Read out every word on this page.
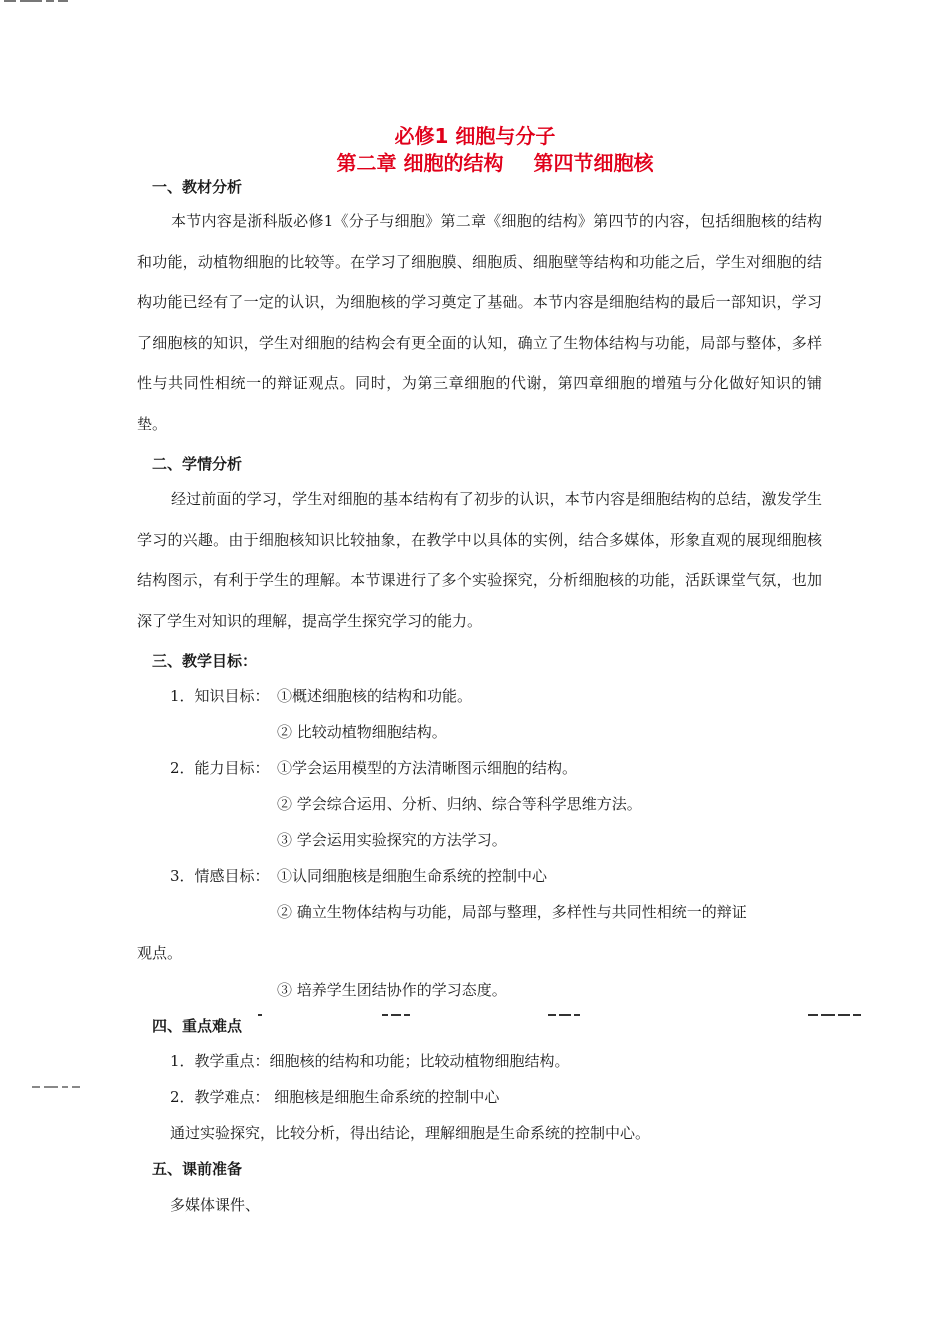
必修1 细胞与分子
第二章 细胞的结构 第四节细胞核
一、教材分析

本节内容是浙科版必修1《分子与细胞》第二章《细胞的结构》第四节的内容，包括细胞核的结构和功能，动植物细胞的比较等。在学习了细胞膜、细胞质、细胞壁等结构和功能之后，学生对细胞的结构功能已经有了一定的认识，为细胞核的学习奠定了基础。本节内容是细胞结构的最后一部知识，学习了细胞核的知识，学生对细胞的结构会有更全面的认知，确立了生物体结构与功能，局部与整体，多样性与共同性相统一的辩证观点。同时，为第三章细胞的代谢，第四章细胞的增殖与分化做好知识的铺垫。

二、学情分析

经过前面的学习，学生对细胞的基本结构有了初步的认识，本节内容是细胞结构的总结，激发学生学习的兴趣。由于细胞核知识比较抽象，在教学中以具体的实例，结合多媒体，形象直观的展现细胞核结构图示，有利于学生的理解。本节课进行了多个实验探究，分析细胞核的功能，活跃课堂气氛，也加深了学生对知识的理解，提高学生探究学习的能力。

三、教学目标：
1．知识目标： ①概述细胞核的结构和功能。
② 比较动植物细胞结构。
2．能力目标： ①学会运用模型的方法清晰图示细胞的结构。
② 学会综合运用、分析、归纳、综合等科学思维方法。
③ 学会运用实验探究的方法学习。
3．情感目标： ①认同细胞核是细胞生命系统的控制中心
② 确立生物体结构与功能，局部与整理，多样性与共同性相统一的辩证
观点。
③ 培养学生团结协作的学习态度。
四、重点难点
1．教学重点：细胞核的结构和功能；比较动植物细胞结构。
2．教学难点： 细胞核是细胞生命系统的控制中心
通过实验探究，比较分析，得出结论，理解细胞是生命系统的控制中心。
五、课前准备
多媒体课件、
